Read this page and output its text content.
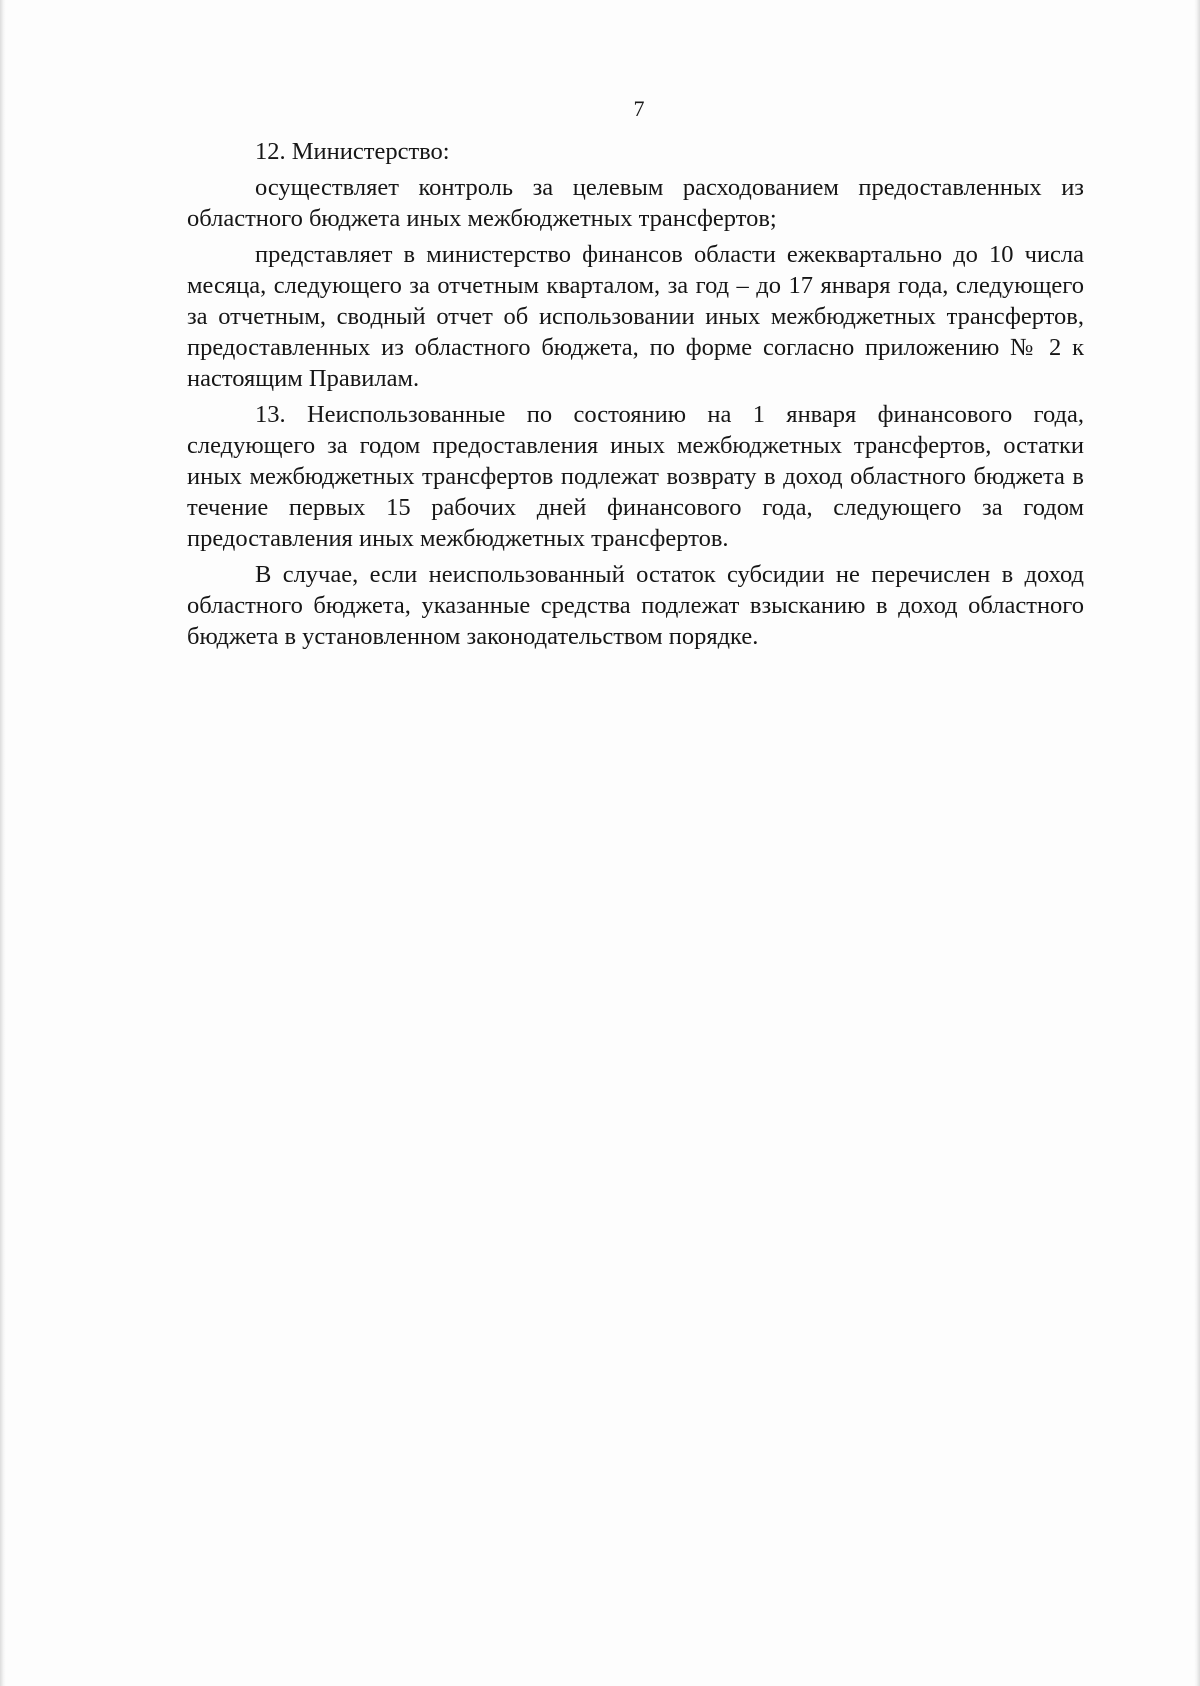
7

12. Министерство:

осуществляет контроль за целевым расходованием предоставленных из областного бюджета иных межбюджетных трансфертов;

представляет в министерство финансов области ежеквартально до 10 числа месяца, следующего за отчетным кварталом, за год – до 17 января года, следующего за отчетным, сводный отчет об использовании иных межбюджетных трансфертов, предоставленных из областного бюджета, по форме согласно приложению № 2 к настоящим Правилам.

13. Неиспользованные по состоянию на 1 января финансового года, следующего за годом предоставления иных межбюджетных трансфертов, остатки иных межбюджетных трансфертов подлежат возврату в доход областного бюджета в течение первых 15 рабочих дней финансового года, следующего за годом предоставления иных межбюджетных трансфертов.

В случае, если неиспользованный остаток субсидии не перечислен в доход областного бюджета, указанные средства подлежат взысканию в доход областного бюджета в установленном законодательством порядке.
